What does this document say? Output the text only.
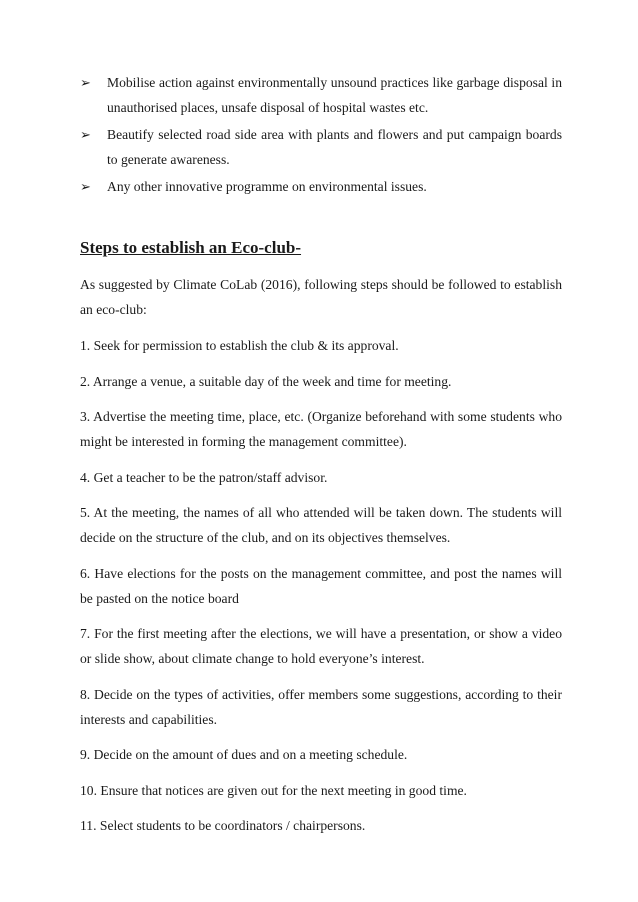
➢	Mobilise action against environmentally unsound practices like garbage disposal in unauthorised places, unsafe disposal of hospital wastes etc.
➢	Beautify selected road side area with plants and flowers and put campaign boards to generate awareness.
➢	Any other innovative programme on environmental issues.
Steps to establish an Eco-club-
As suggested by Climate CoLab (2016), following steps should be followed to establish an eco-club:
1. Seek for permission to establish the club & its approval.
2. Arrange a venue, a suitable day of the week and time for meeting.
3. Advertise the meeting time, place, etc. (Organize beforehand with some students who might be interested in forming the management committee).
4. Get a teacher to be the patron/staff advisor.
5. At the meeting, the names of all who attended will be taken down. The students will decide on the structure of the club, and on its objectives themselves.
6. Have elections for the posts on the management committee, and post the names will be pasted on the notice board
7. For the first meeting after the elections, we will have a presentation, or show a video or slide show, about climate change to hold everyone’s interest.
8. Decide on the types of activities, offer members some suggestions, according to their interests and capabilities.
9. Decide on the amount of dues and on a meeting schedule.
10. Ensure that notices are given out for the next meeting in good time.
11. Select students to be coordinators / chairpersons.
